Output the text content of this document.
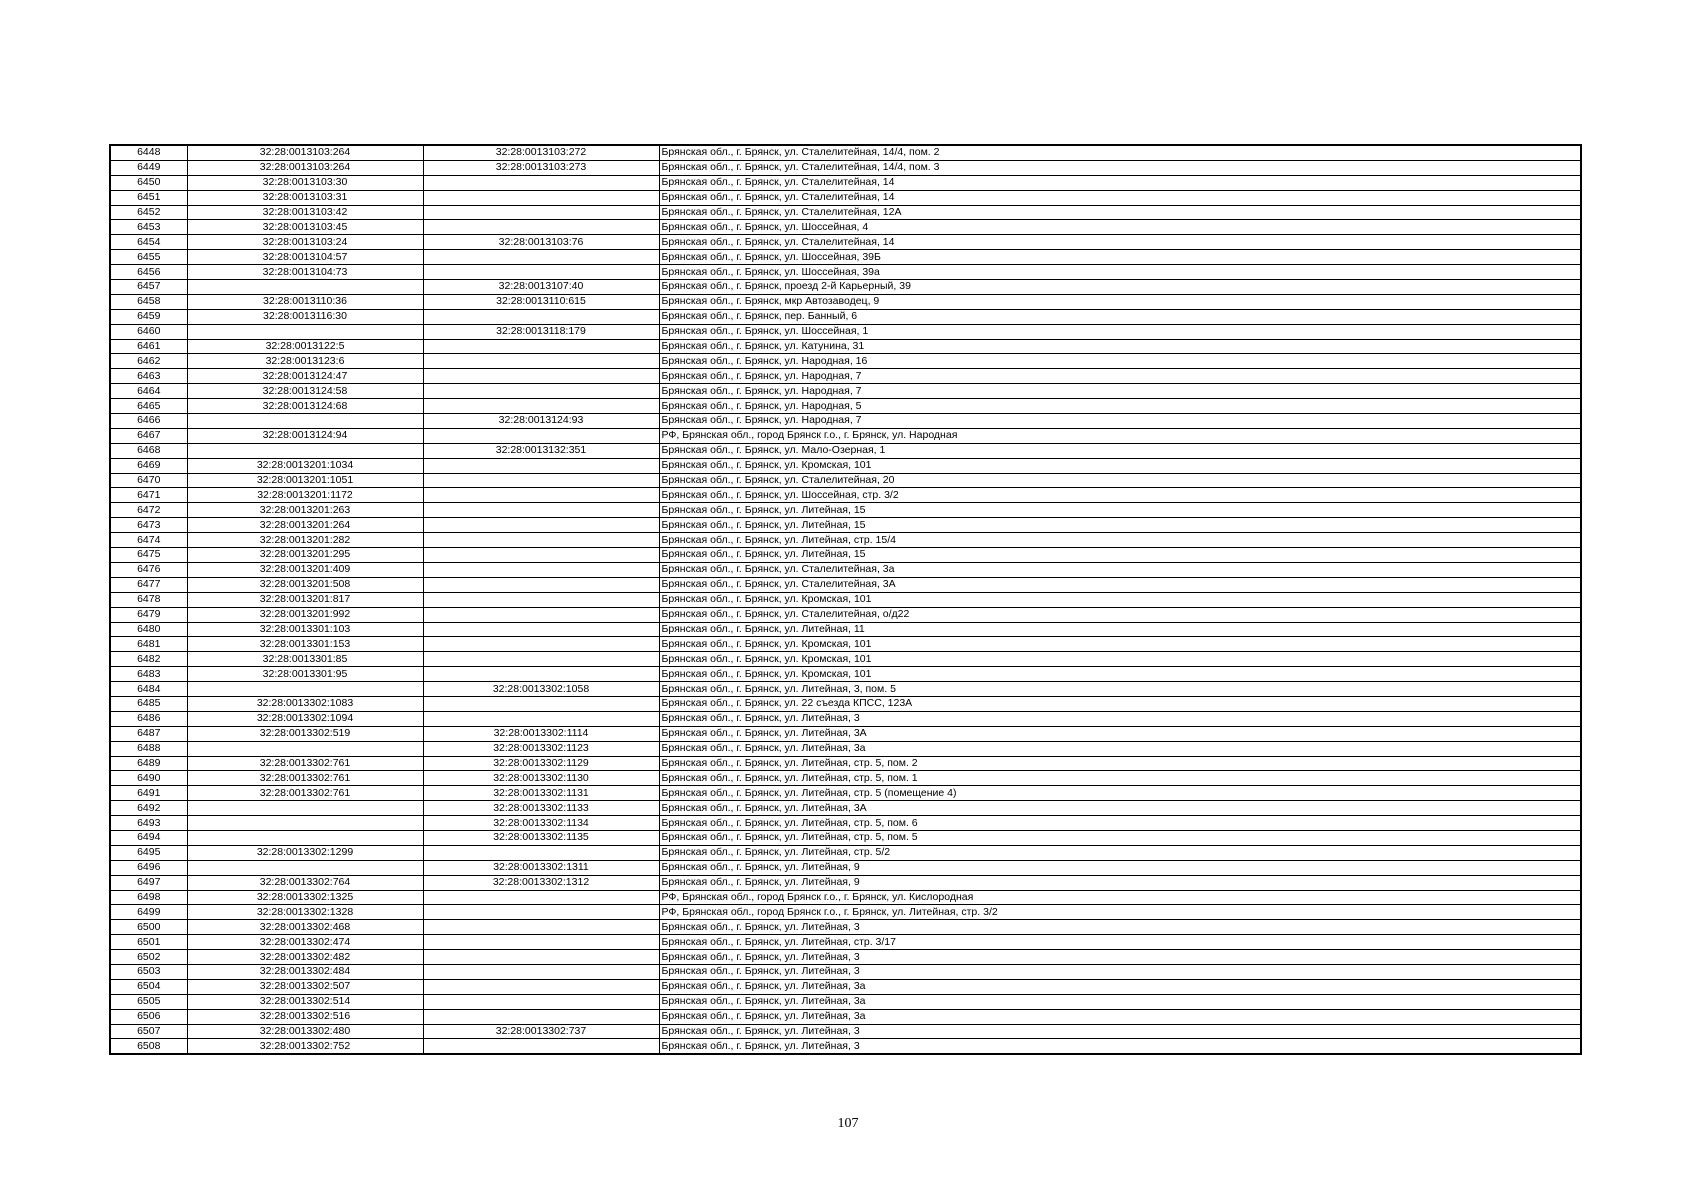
6448	32:28:0013103:264	32:28:0013103:272	Брянская обл., г. Брянск, ул. Сталелитейная, 14/4, пом. 2
6449	32:28:0013103:264	32:28:0013103:273	Брянская обл., г. Брянск, ул. Сталелитейная, 14/4, пом. 3
6450	32:28:0013103:30		Брянская обл., г. Брянск, ул. Сталелитейная, 14
6451	32:28:0013103:31		Брянская обл., г. Брянск, ул. Сталелитейная, 14
6452	32:28:0013103:42		Брянская обл., г. Брянск, ул. Сталелитейная, 12А
6453	32:28:0013103:45		Брянская обл., г. Брянск, ул. Шоссейная, 4
6454	32:28:0013103:24	32:28:0013103:76	Брянская обл., г. Брянск, ул. Сталелитейная, 14
6455	32:28:0013104:57		Брянская обл., г. Брянск, ул. Шоссейная, 39Б
6456	32:28:0013104:73		Брянская обл., г. Брянск, ул. Шоссейная, 39а
6457		32:28:0013107:40	Брянская обл., г. Брянск, проезд 2-й Карьерный, 39
6458	32:28:0013110:36	32:28:0013110:615	Брянская обл., г. Брянск, мкр Автозаводец, 9
6459	32:28:0013116:30		Брянская обл., г. Брянск, пер. Банный, 6
6460		32:28:0013118:179	Брянская обл., г. Брянск, ул. Шоссейная, 1
6461	32:28:0013122:5		Брянская обл., г. Брянск, ул. Катунина, 31
6462	32:28:0013123:6		Брянская обл., г. Брянск, ул. Народная, 16
6463	32:28:0013124:47		Брянская обл., г. Брянск, ул. Народная, 7
6464	32:28:0013124:58		Брянская обл., г. Брянск, ул. Народная, 7
6465	32:28:0013124:68		Брянская обл., г. Брянск, ул. Народная, 5
6466		32:28:0013124:93	Брянская обл., г. Брянск, ул. Народная, 7
6467	32:28:0013124:94		РФ, Брянская обл., город Брянск г.о., г. Брянск, ул. Народная
6468		32:28:0013132:351	Брянская обл., г. Брянск, ул. Мало-Озерная, 1
6469	32:28:0013201:1034		Брянская обл., г. Брянск, ул. Кромская, 101
6470	32:28:0013201:1051		Брянская обл., г. Брянск, ул. Сталелитейная, 20
6471	32:28:0013201:1172		Брянская обл., г. Брянск, ул. Шоссейная, стр. 3/2
6472	32:28:0013201:263		Брянская обл., г. Брянск, ул. Литейная, 15
6473	32:28:0013201:264		Брянская обл., г. Брянск, ул. Литейная, 15
6474	32:28:0013201:282		Брянская обл., г. Брянск, ул. Литейная, стр. 15/4
6475	32:28:0013201:295		Брянская обл., г. Брянск, ул. Литейная, 15
6476	32:28:0013201:409		Брянская обл., г. Брянск, ул. Сталелитейная, 3а
6477	32:28:0013201:508		Брянская обл., г. Брянск, ул. Сталелитейная, 3А
6478	32:28:0013201:817		Брянская обл., г. Брянск, ул. Кромская, 101
6479	32:28:0013201:992		Брянская обл., г. Брянск, ул. Сталелитейная, о/д22
6480	32:28:0013301:103		Брянская обл., г. Брянск, ул. Литейная, 11
6481	32:28:0013301:153		Брянская обл., г. Брянск, ул. Кромская, 101
6482	32:28:0013301:85		Брянская обл., г. Брянск, ул. Кромская, 101
6483	32:28:0013301:95		Брянская обл., г. Брянск, ул. Кромская, 101
6484		32:28:0013302:1058	Брянская обл., г. Брянск, ул. Литейная, 3, пом. 5
6485	32:28:0013302:1083		Брянская обл., г. Брянск, ул. 22 съезда КПСС, 123А
6486	32:28:0013302:1094		Брянская обл., г. Брянск, ул. Литейная, 3
6487	32:28:0013302:519	32:28:0013302:1114	Брянская обл., г. Брянск, ул. Литейная, 3А
6488		32:28:0013302:1123	Брянская обл., г. Брянск, ул. Литейная, 3а
6489	32:28:0013302:761	32:28:0013302:1129	Брянская обл., г. Брянск, ул. Литейная, стр. 5, пом. 2
6490	32:28:0013302:761	32:28:0013302:1130	Брянская обл., г. Брянск, ул. Литейная, стр. 5, пом. 1
6491	32:28:0013302:761	32:28:0013302:1131	Брянская обл., г. Брянск, ул. Литейная, стр. 5 (помещение 4)
6492		32:28:0013302:1133	Брянская обл., г. Брянск, ул. Литейная, 3А
6493		32:28:0013302:1134	Брянская обл., г. Брянск, ул. Литейная, стр. 5, пом. 6
6494		32:28:0013302:1135	Брянская обл., г. Брянск, ул. Литейная, стр. 5, пом. 5
6495	32:28:0013302:1299		Брянская обл., г. Брянск, ул. Литейная, стр. 5/2
6496		32:28:0013302:1311	Брянская обл., г. Брянск, ул. Литейная, 9
6497	32:28:0013302:764	32:28:0013302:1312	Брянская обл., г. Брянск, ул. Литейная, 9
6498	32:28:0013302:1325		РФ, Брянская обл., город Брянск г.о., г. Брянск, ул. Кислородная
6499	32:28:0013302:1328		РФ, Брянская обл., город Брянск г.о., г. Брянск, ул. Литейная, стр. 3/2
6500	32:28:0013302:468		Брянская обл., г. Брянск, ул. Литейная, 3
6501	32:28:0013302:474		Брянская обл., г. Брянск, ул. Литейная, стр. 3/17
6502	32:28:0013302:482		Брянская обл., г. Брянск, ул. Литейная, 3
6503	32:28:0013302:484		Брянская обл., г. Брянск, ул. Литейная, 3
6504	32:28:0013302:507		Брянская обл., г. Брянск, ул. Литейная, 3а
6505	32:28:0013302:514		Брянская обл., г. Брянск, ул. Литейная, 3а
6506	32:28:0013302:516		Брянская обл., г. Брянск, ул. Литейная, 3а
6507	32:28:0013302:480	32:28:0013302:737	Брянская обл., г. Брянск, ул. Литейная, 3
6508	32:28:0013302:752		Брянская обл., г. Брянск, ул. Литейная, 3
107
